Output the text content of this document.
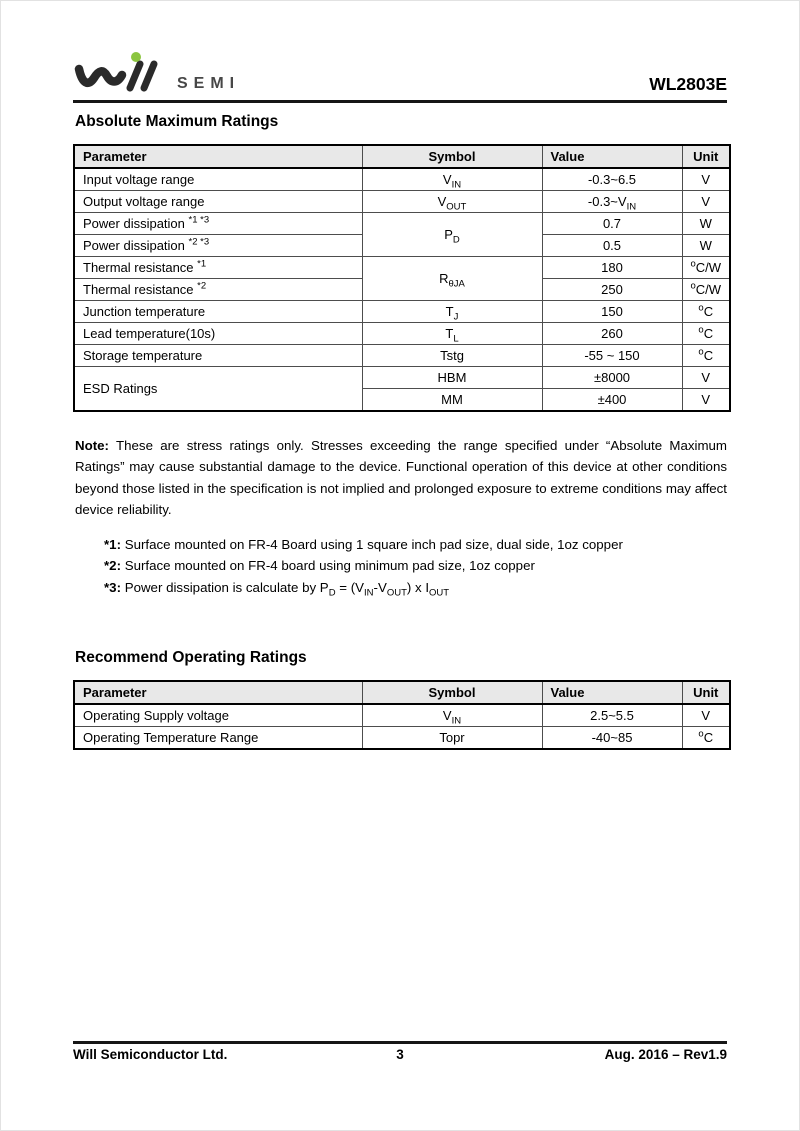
SEMI	WL2803E
Absolute Maximum Ratings
Parameter	Symbol	Value	Unit
Input voltage range	$V_{IN}$	-0.3~6.5	V
Output voltage range	$V_{OUT}$	$-0.3\sim V_{IN}$	V
Power dissipation $^{*1 *3}$	$P_D$	0.7	W
Power dissipation $^{*2 *3}$		0.5	W
Thermal resistance $^{*1}$	$R_{\theta JA}$	180	$^o$C/W
Thermal resistance $^{*2}$		250	$^o$C/W
Junction temperature	$T_J$	150	$^o$C
Lead temperature(10s)	$T_L$	260	$^o$C
Storage temperature	Tstg	-55 ~ 150	$^o$C
ESD Ratings	HBM	±8000	V
	MM	±400	V

Note: These are stress ratings only. Stresses exceeding the range specified under “Absolute Maximum Ratings” may cause substantial damage to the device. Functional operation of this device at other conditions beyond those listed in the specification is not implied and prolonged exposure to extreme conditions may affect device reliability.

*1: Surface mounted on FR-4 Board using 1 square inch pad size, dual side, 1oz copper
*2: Surface mounted on FR-4 board using minimum pad size, 1oz copper
*3: Power dissipation is calculate by $P_D = (V_{IN}-V_{OUT})$ x $I_{OUT}$
Recommend Operating Ratings
Parameter	Symbol	Value	Unit
Operating Supply voltage	$V_{IN}$	2.5~5.5	V
Operating Temperature Range	Topr	-40~85	$^o$C
Will Semiconductor Ltd.	3	Aug. 2016 – Rev1.9
